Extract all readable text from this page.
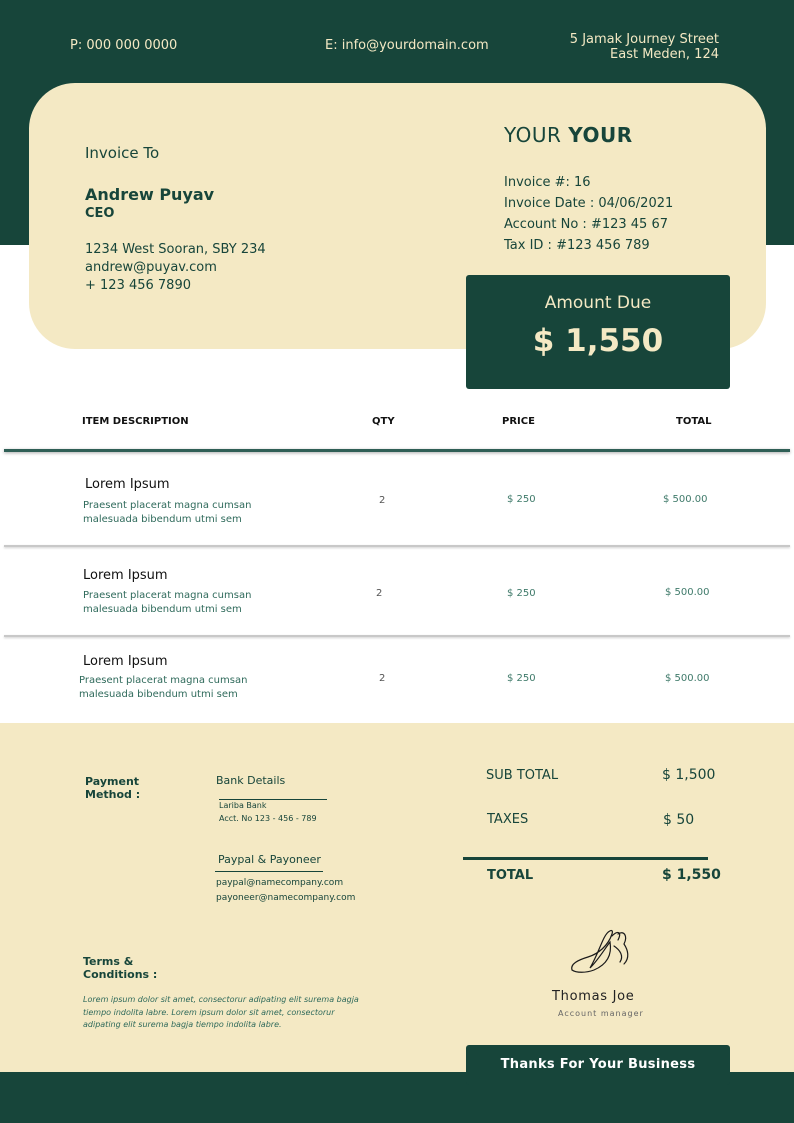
P: 000 000 0000	E: info@yourdomain.com	5 Jamak Journey Street
East Meden, 124
Invoice To
Andrew Puyav
CEO
1234 West Sooran, SBY 234
andrew@puyav.com
+ 123 456 7890
YOUR YOUR
Invoice #: 16
Invoice Date : 04/06/2021
Account No : #123 45 67
Tax ID : #123 456 789
Amount Due
$ 1,550
ITEM DESCRIPTION	QTY	PRICE	TOTAL
Lorem Ipsum
Praesent placerat magna cumsan malesuada bibendum utmi sem
2	$ 250	$ 500.00
Lorem Ipsum
Praesent placerat magna cumsan malesuada bibendum utmi sem
2	$ 250	$ 500.00
Lorem Ipsum
Praesent placerat magna cumsan malesuada bibendum utmi sem
2	$ 250	$ 500.00
Payment Method :
Bank Details
Lariba Bank
Acct. No 123 - 456 - 789
Paypal & Payoneer
paypal@namecompany.com
payoneer@namecompany.com
SUB TOTAL	$ 1,500
TAXES	$ 50
TOTAL	$ 1,550
Terms & Conditions :
Lorem ipsum dolor sit amet, consectorur adipating elit surema bagja tiempo indolita labre. Lorem ipsum dolor sit amet, consectorur adipating elit surema bagja tiempo indolita labre.
Thomas Joe
Account manager
Thanks For Your Business
